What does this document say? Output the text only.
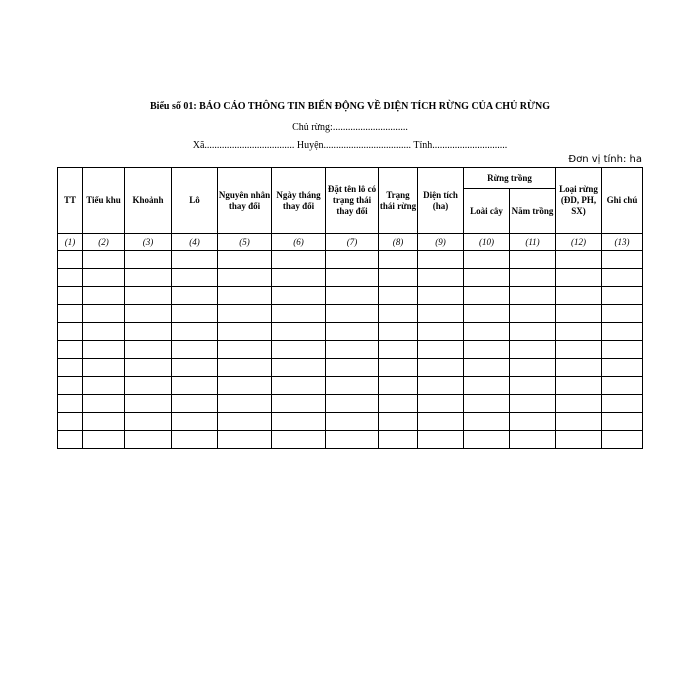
Biểu số 01: BÁO CÁO THÔNG TIN BIẾN ĐỘNG VỀ DIỆN TÍCH RỪNG CỦA CHỦ RỪNG
Chủ rừng:..............................
Xã.................................... Huyện................................... Tỉnh..............................
Đơn vị tính: ha
TT	Tiểu khu	Khoảnh	Lô	Nguyên nhân thay đổi	Ngày tháng thay đổi	Đặt tên lô có trạng thái thay đổi	Trạng thái rừng	Diện tích (ha)	Rừng trồng		Loại rừng (ĐD, PH, SX)	Ghi chú
									Loài cây	Năm trồng		
(1)	(2)	(3)	(4)	(5)	(6)	(7)	(8)	(9)	(10)	(11)	(12)	(13)
